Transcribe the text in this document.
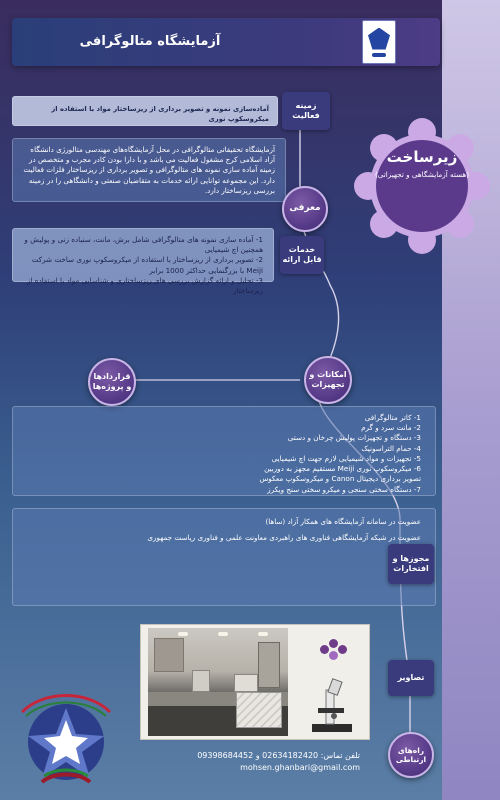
آزمایشگاه متالوگرافی
آماده‌سازی نمونه و تصویر برداری از ریزساختار مواد با استفاده از میکروسکوپ نوری
زمینه فعالیت
آزمایشگاه تحقیقاتی متالوگرافی در محل آزمایشگاه‌های مهندسی متالورژی دانشگاه آزاد اسلامی کرج مشغول فعالیت می باشد و با دارا بودن کادر مجرب و متخصص در زمینه آماده سازی نمونه های متالوگرافی و تصویر برداری از ریزساختار فلزات فعالیت دارد. این مجموعه توانایی ارائه خدمات به متقاضیان صنعتی و دانشگاهی را در زمینه بررسی ریزساختار دارد.
معرفی
1- آماده سازی نمونه های متالوگرافی شامل برش، مانت، سنباده زنی و پولیش و همچنین اچ شیمیایی
2- تصویر برداری از ریزساختار با استفاده از میکروسکوپ نوری ساخت شرکت Meiji با بزرگنمایی حداکثر 1000 برابر
3- تحلیل و ارائه گزارش بررسی های ریزساختاری و شناسایی مواد با استفاده از ریزساختار
خدمات قابل ارائه
زیرساخت
(هسته آزمایشگاهی و تجهیزاتی)
قراردادها و پروژه‌ها
امکانات و تجهیزات
1- کاتر متالوگرافی
2- مانت سرد و گرم
3- دستگاه و تجهیزات پولیش چرخان و دستی
4- حمام التراسونیک
5- تجهیزات و مواد شیمیایی لازم جهت اچ شیمیایی
6- میکروسکوپ نوری Meiji مستقیم مجهز به دوربین
تصویر برداری دیجیتال Canon و میکروسکوپ معکوس
7- دستگاه سختی سنجی و میکرو سختی سنج ویکرز
عضویت در سامانه آزمایشگاه های همکار آزاد (ساها)
عضویت در شبکه آزمایشگاهی فناوری های راهبردی معاونت علمی و فناوری ریاست جمهوری
مجوزها و افتخارات
تصاویر
تلفن تماس: 02634182420 و 09398684452
mohsen.ghanbari@gmail.com
راه‌های ارتباطی
